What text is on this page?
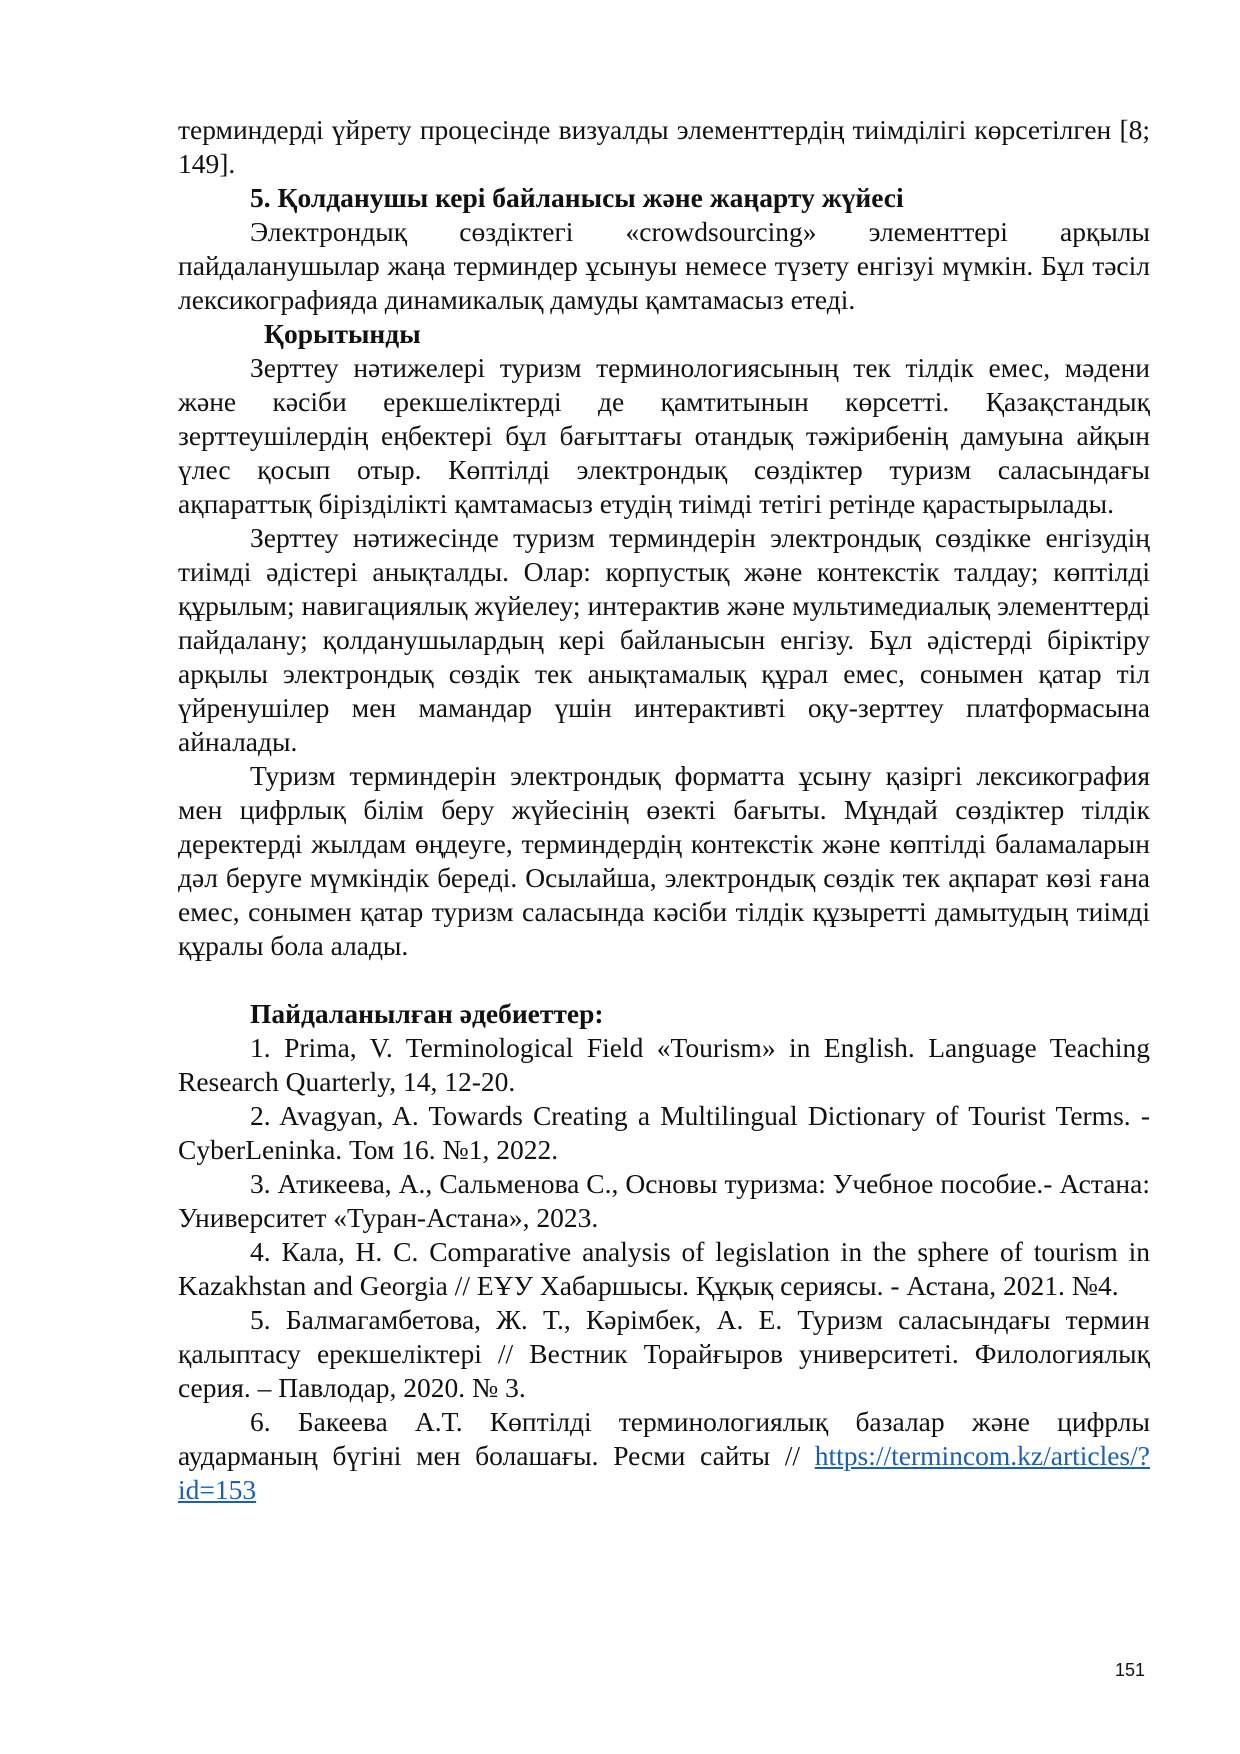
терминдерді үйрету процесінде визуалды элементтердің тиімділігі көрсетілген [8; 149].

5. Қолданушы кері байланысы және жаңарту жүйесі

Электрондық сөздіктегі «crowdsourcing» элементтері арқылы пайдаланушылар жаңа терминдер ұсынуы немесе түзету енгізуі мүмкін. Бұл тәсіл лексикографияда динамикалық дамуды қамтамасыз етеді.

Қорытынды

Зерттеу нәтижелері туризм терминологиясының тек тілдік емес, мәдени және кәсіби ерекшеліктерді де қамтитынын көрсетті. Қазақстандық зерттеушілердің еңбектері бұл бағыттағы отандық тәжірибенің дамуына айқын үлес қосып отыр. Көптілді электрондық сөздіктер туризм саласындағы ақпараттық бірізділікті қамтамасыз етудің тиімді тетігі ретінде қарастырылады.

Зерттеу нәтижесінде туризм терминдерін электрондық сөздікке енгізудің тиімді әдістері анықталды. Олар: корпустық және контекстік талдау; көптілді құрылым; навигациялық жүйелеу; интерактив және мультимедиалық элементтерді пайдалану; қолданушылардың кері байланысын енгізу. Бұл әдістерді біріктіру арқылы электрондық сөздік тек анықтамалық құрал емес, сонымен қатар тіл үйренушілер мен мамандар үшін интерактивті оқу-зерттеу платформасына айналады.

Туризм терминдерін электрондық форматта ұсыну қазіргі лексикография мен цифрлық білім беру жүйесінің өзекті бағыты. Мұндай сөздіктер тілдік деректерді жылдам өңдеуге, терминдердің контекстік және көптілді баламаларын дәл беруге мүмкіндік береді. Осылайша, электрондық сөздік тек ақпарат көзі ғана емес, сонымен қатар туризм саласында кәсіби тілдік құзыретті дамытудың тиімді құралы бола алады.

Пайдаланылған әдебиеттер:

1. Prima, V. Terminological Field «Tourism» in English. Language Teaching Research Quarterly, 14, 12-20.

2. Avagyan, A. Towards Creating a Multilingual Dictionary of Tourist Terms. - CyberLeninka. Том 16. №1, 2022.

3. Атикеева, А., Сальменова С., Основы туризма: Учебное пособие.- Астана: Университет «Туран-Астана», 2023.

4. Кала, Н. С. Comparative analysis of legislation in the sphere of tourism in Kazakhstan and Georgia // ЕҰУ Хабаршысы. Құқық сериясы. - Астана, 2021. №4.

5. Балмагамбетова, Ж. Т., Кәрімбек, А. Е. Туризм саласындағы термин қалыптасу ерекшеліктері // Вестник Торайғыров университеті. Филологиялық серия. – Павлодар, 2020. № 3.

6. Бакеева А.Т. Көптілді терминологиялық базалар және цифрлы аударманың бүгіні мен болашағы. Ресми сайты // https://termincom.kz/articles/?id=153

151
